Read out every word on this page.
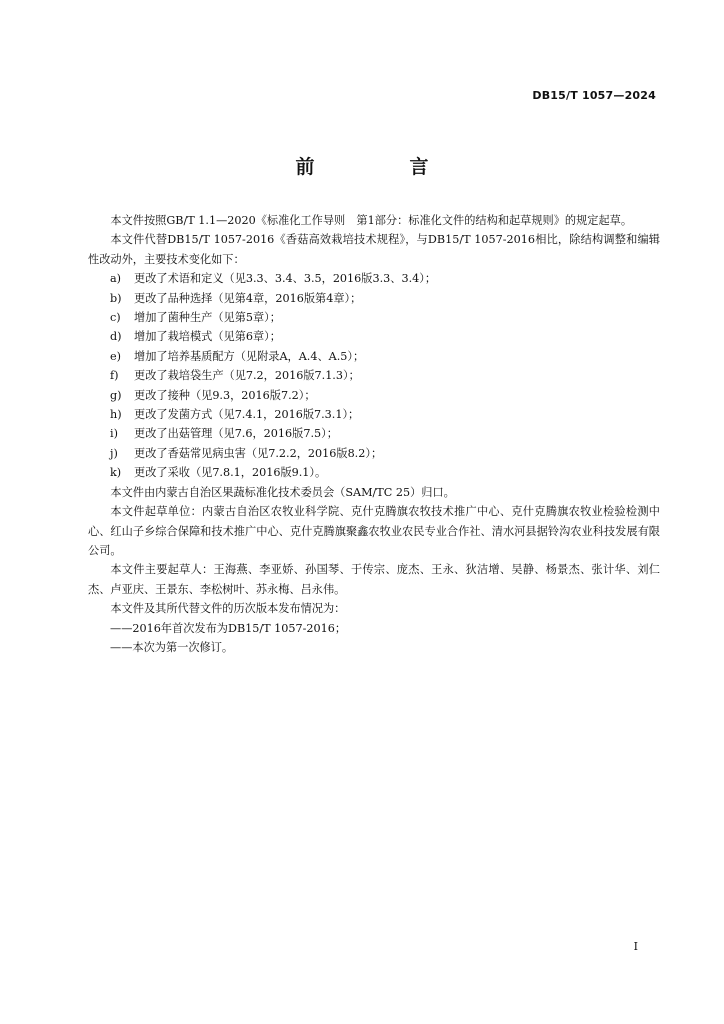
DB15/T 1057—2024
前　言

本文件按照GB/T 1.1—2020《标准化工作导则　第1部分：标准化文件的结构和起草规则》的规定起草。

本文件代替DB15/T 1057-2016《香菇高效栽培技术规程》，与DB15/T 1057-2016相比，除结构调整和编辑性改动外，主要技术变化如下：

a)	更改了术语和定义（见3.3、3.4、3.5，2016版3.3、3.4）；
b)	更改了品种选择（见第4章，2016版第4章）；
c)	增加了菌种生产（见第5章）；
d)	增加了栽培模式（见第6章）；
e)	增加了培养基质配方（见附录A，A.4、A.5）；
f)	更改了栽培袋生产（见7.2，2016版7.1.3）；
g)	更改了接种（见9.3，2016版7.2）；
h)	更改了发菌方式（见7.4.1，2016版7.3.1）；
i)	更改了出菇管理（见7.6，2016版7.5）；
j)	更改了香菇常见病虫害（见7.2.2，2016版8.2）；
k)	更改了采收（见7.8.1，2016版9.1）。

本文件由内蒙古自治区果蔬标准化技术委员会（SAM/TC 25）归口。

本文件起草单位：内蒙古自治区农牧业科学院、克什克腾旗农牧技术推广中心、克什克腾旗农牧业检验检测中心、红山子乡综合保障和技术推广中心、克什克腾旗聚鑫农牧业农民专业合作社、清水河县据铃沟农业科技发展有限公司。

本文件主要起草人：王海燕、李亚娇、孙国琴、于传宗、庞杰、王永、狄洁增、吴静、杨景杰、张计华、刘仁杰、卢亚庆、王景东、李松树叶、苏永梅、吕永伟。

本文件及其所代替文件的历次版本发布情况为：

——2016年首次发布为DB15/T 1057-2016；

——本次为第一次修订。

I
